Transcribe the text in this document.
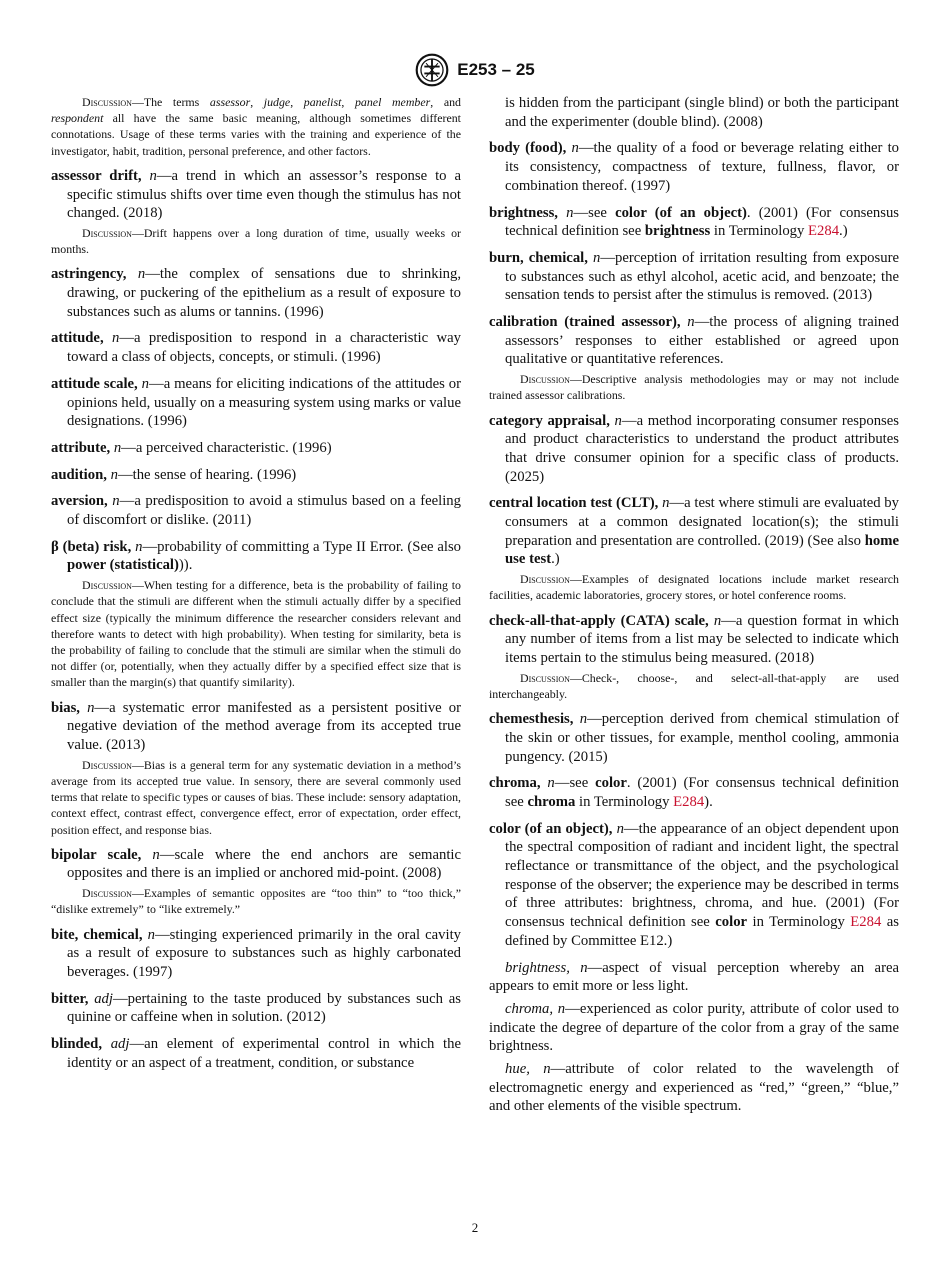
E253 – 25

Discussion—The terms assessor, judge, panelist, panel member, and respondent all have the same basic meaning, although sometimes different connotations. Usage of these terms varies with the training and experience of the investigator, habit, tradition, personal preference, and other factors.

assessor drift, n—a trend in which an assessor’s response to a specific stimulus shifts over time even though the stimulus has not changed. (2018)

Discussion—Drift happens over a long duration of time, usually weeks or months.

astringency, n—the complex of sensations due to shrinking, drawing, or puckering of the epithelium as a result of exposure to substances such as alums or tannins. (1996)

attitude, n—a predisposition to respond in a characteristic way toward a class of objects, concepts, or stimuli. (1996)

attitude scale, n—a means for eliciting indications of the attitudes or opinions held, usually on a measuring system using marks or value designations. (1996)

attribute, n—a perceived characteristic. (1996)

audition, n—the sense of hearing. (1996)

aversion, n—a predisposition to avoid a stimulus based on a feeling of discomfort or dislike. (2011)

β (beta) risk, n—probability of committing a Type II Error. (See also power (statistical))).

Discussion—When testing for a difference, beta is the probability of failing to conclude that the stimuli are different when the stimuli actually differ by a specified effect size (typically the minimum difference the researcher considers relevant and therefore wants to detect with high probability). When testing for similarity, beta is the probability of failing to conclude that the stimuli are similar when the stimuli do not differ (or, potentially, when they actually differ by a specified effect size that is smaller than the margin(s) that quantify similarity).

bias, n—a systematic error manifested as a persistent positive or negative deviation of the method average from its accepted true value. (2013)

Discussion—Bias is a general term for any systematic deviation in a method’s average from its accepted true value. In sensory, there are several commonly used terms that relate to specific types or causes of bias. These include: sensory adaptation, context effect, contrast effect, convergence effect, error of expectation, order effect, position effect, and response bias.

bipolar scale, n—scale where the end anchors are semantic opposites and there is an implied or anchored mid-point. (2008)

Discussion—Examples of semantic opposites are “too thin” to “too thick,” “dislike extremely” to “like extremely.”

bite, chemical, n—stinging experienced primarily in the oral cavity as a result of exposure to substances such as highly carbonated beverages. (1997)

bitter, adj—pertaining to the taste produced by substances such as quinine or caffeine when in solution. (2012)

blinded, adj—an element of experimental control in which the identity or an aspect of a treatment, condition, or substance

is hidden from the participant (single blind) or both the participant and the experimenter (double blind). (2008)

body (food), n—the quality of a food or beverage relating either to its consistency, compactness of texture, fullness, flavor, or combination thereof. (1997)

brightness, n—see color (of an object). (2001) (For consensus technical definition see brightness in Terminology E284.)

burn, chemical, n—perception of irritation resulting from exposure to substances such as ethyl alcohol, acetic acid, and benzoate; the sensation tends to persist after the stimulus is removed. (2013)

calibration (trained assessor), n—the process of aligning trained assessors’ responses to either established or agreed upon qualitative or quantitative references.

Discussion—Descriptive analysis methodologies may or may not include trained assessor calibrations.

category appraisal, n—a method incorporating consumer responses and product characteristics to understand the product attributes that drive consumer opinion for a specific class of products. (2025)

central location test (CLT), n—a test where stimuli are evaluated by consumers at a common designated location(s); the stimuli preparation and presentation are controlled. (2019) (See also home use test.)

Discussion—Examples of designated locations include market research facilities, academic laboratories, grocery stores, or hotel conference rooms.

check-all-that-apply (CATA) scale, n—a question format in which any number of items from a list may be selected to indicate which items pertain to the stimulus being measured. (2018)

Discussion—Check-, choose-, and select-all-that-apply are used interchangeably.

chemesthesis, n—perception derived from chemical stimulation of the skin or other tissues, for example, menthol cooling, ammonia pungency. (2015)

chroma, n—see color. (2001) (For consensus technical definition see chroma in Terminology E284).

color (of an object), n—the appearance of an object dependent upon the spectral composition of radiant and incident light, the spectral reflectance or transmittance of the object, and the psychological response of the observer; the experience may be described in terms of three attributes: brightness, chroma, and hue. (2001) (For consensus technical definition see color in Terminology E284 as defined by Committee E12.)

brightness, n—aspect of visual perception whereby an area appears to emit more or less light.

chroma, n—experienced as color purity, attribute of color used to indicate the degree of departure of the color from a gray of the same brightness.

hue, n—attribute of color related to the wavelength of electromagnetic energy and experienced as “red,” “green,” “blue,” and other elements of the visible spectrum.

2
